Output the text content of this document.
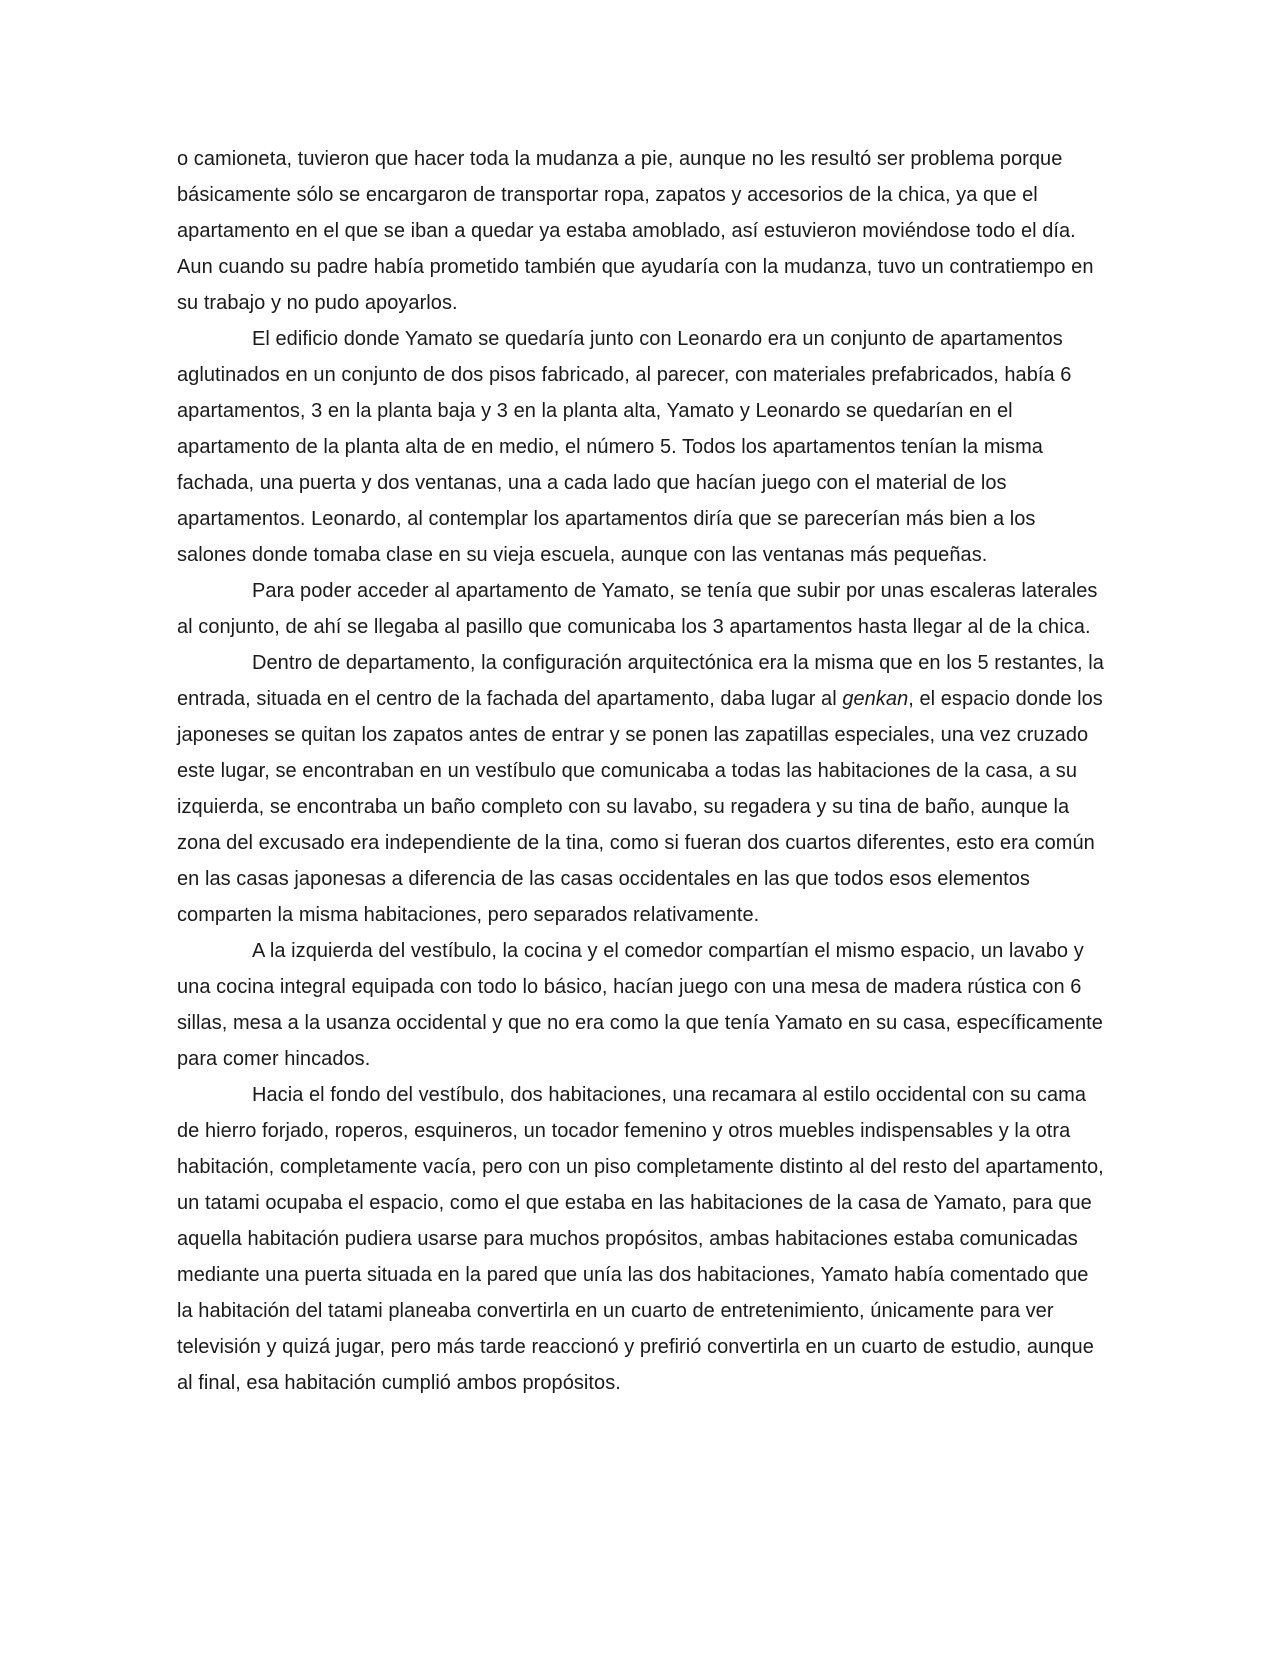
o camioneta, tuvieron que hacer toda la mudanza a pie, aunque no les resultó ser problema porque básicamente sólo se encargaron de transportar ropa, zapatos y accesorios de la chica, ya que el apartamento en el que se iban a quedar ya estaba amoblado, así estuvieron moviéndose todo el día. Aun cuando su padre había prometido también que ayudaría con la mudanza, tuvo un contratiempo en su trabajo y no pudo apoyarlos.

El edificio donde Yamato se quedaría junto con Leonardo era un conjunto de apartamentos aglutinados en un conjunto de dos pisos fabricado, al parecer, con materiales prefabricados, había 6 apartamentos, 3 en la planta baja y 3 en la planta alta, Yamato y Leonardo se quedarían en el apartamento de la planta alta de en medio, el número 5. Todos los apartamentos tenían la misma fachada, una puerta y dos ventanas, una a cada lado que hacían juego con el material de los apartamentos. Leonardo, al contemplar los apartamentos diría que se parecerían más bien a los salones donde tomaba clase en su vieja escuela, aunque con las ventanas más pequeñas.

Para poder acceder al apartamento de Yamato, se tenía que subir por unas escaleras laterales al conjunto, de ahí se llegaba al pasillo que comunicaba los 3 apartamentos hasta llegar al de la chica.

Dentro de departamento, la configuración arquitectónica era la misma que en los 5 restantes, la entrada, situada en el centro de la fachada del apartamento, daba lugar al genkan, el espacio donde los japoneses se quitan los zapatos antes de entrar y se ponen las zapatillas especiales, una vez cruzado este lugar, se encontraban en un vestíbulo que comunicaba a todas las habitaciones de la casa, a su izquierda, se encontraba un baño completo con su lavabo, su regadera y su tina de baño, aunque la zona del excusado era independiente de la tina, como si fueran dos cuartos diferentes, esto era común en las casas japonesas a diferencia de las casas occidentales en las que todos esos elementos comparten la misma habitaciones, pero separados relativamente.

A la izquierda del vestíbulo, la cocina y el comedor compartían el mismo espacio, un lavabo y una cocina integral equipada con todo lo básico, hacían juego con una mesa de madera rústica con 6 sillas, mesa a la usanza occidental y que no era como la que tenía Yamato en su casa, específicamente para comer hincados.

Hacia el fondo del vestíbulo, dos habitaciones, una recamara al estilo occidental con su cama de hierro forjado, roperos, esquineros, un tocador femenino y otros muebles indispensables y la otra habitación, completamente vacía, pero con un piso completamente distinto al del resto del apartamento, un tatami ocupaba el espacio, como el que estaba en las habitaciones de la casa de Yamato, para que aquella habitación pudiera usarse para muchos propósitos, ambas habitaciones estaba comunicadas mediante una puerta situada en la pared que unía las dos habitaciones, Yamato había comentado que la habitación del tatami planeaba convertirla en un cuarto de entretenimiento, únicamente para ver televisión y quizá jugar, pero más tarde reaccionó y prefirió convertirla en un cuarto de estudio, aunque al final, esa habitación cumplió ambos propósitos.
